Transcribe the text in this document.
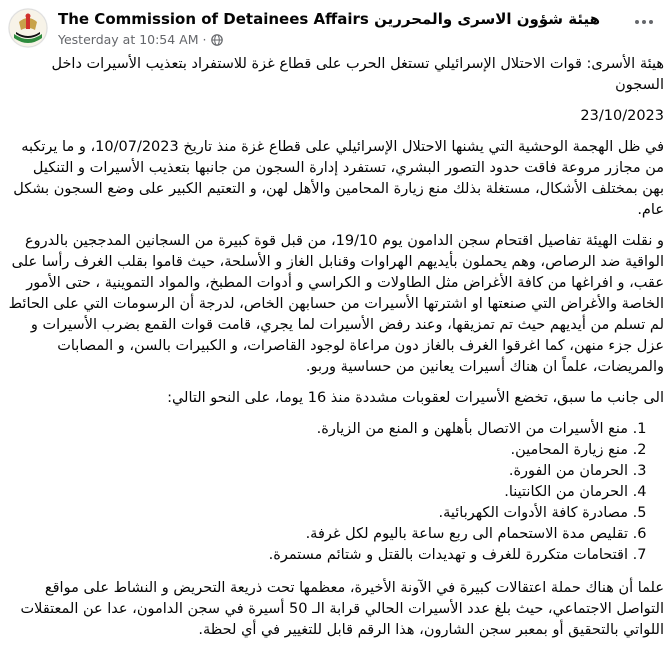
The Commission of Detainees Affairs هيئة شؤون الاسرى والمحررين
Yesterday at 10:54 AM ·

هيئة الأسرى: قوات الاحتلال الإسرائيلي تستغل الحرب على قطاع غزة للاستفراد بتعذيب الأسيرات داخل السجون

23/10/2023

في ظل الهجمة الوحشية التي يشنها الاحتلال الإسرائيلي على قطاع غزة منذ تاريخ 10/07/2023، و ما يرتكبه من مجازر مروعة فاقت حدود التصور البشري، تستفرد إدارة السجون من جانبها بتعذيب الأسيرات و التنكيل بهن بمختلف الأشكال، مستغلة بذلك منع زيارة المحامين والأهل لهن، و التعتيم الكبير على وضع السجون بشكل عام.

و نقلت الهيئة تفاصيل اقتحام سجن الدامون يوم 19/10، من قبل قوة كبيرة من السجانين المدججين بالدروع الواقية ضد الرصاص، وهم يحملون بأيديهم الهراوات وقنابل الغاز و الأسلحة، حيث قاموا بقلب الغرف رأسا على عقب، و افراغها من كافة الأغراض مثل الطاولات و الكراسي و أدوات المطبخ، والمواد التموينية ، حتى الأمور الخاصة والأغراض التي صنعتها او اشترتها الأسيرات من حسابهن الخاص، لدرجة أن الرسومات التي على الحائط لم تسلم من أيديهم حيث تم تمزيقها، وعند رفض الأسيرات لما يجري، قامت قوات القمع بضرب الأسيرات و عزل جزء منهن، كما اغرقوا الغرف بالغاز دون مراعاة لوجود القاصرات، و الكبيرات بالسن، و المصابات والمريضات، علماً ان هناك أسيرات يعانين من حساسية وربو.

الى جانب ما سبق، تخضع الأسيرات لعقوبات مشددة منذ 16 يوما، على النحو التالي:

1. منع الأسيرات من الاتصال بأهلهن و المنع من الزيارة.
2. منع زيارة المحامين.
3. الحرمان من الفورة.
4. الحرمان من الكانتينا.
5. مصادرة كافة الأدوات الكهربائية.
6. تقليص مدة الاستحمام الى ربع ساعة باليوم لكل غرفة.
7. اقتحامات متكررة للغرف و تهديدات بالقتل و شتائم مستمرة.

علما أن هناك حملة اعتقالات كبيرة في الآونة الأخيرة، معظمها تحت ذريعة التحريض و النشاط على مواقع التواصل الاجتماعي، حيث بلغ عدد الأسيرات الحالي قرابة الـ 50 أسيرة في سجن الدامون، عدا عن المعتقلات اللواتي بالتحقيق أو بمعبر سجن الشارون، هذا الرقم قابل للتغيير في أي لحظة.
